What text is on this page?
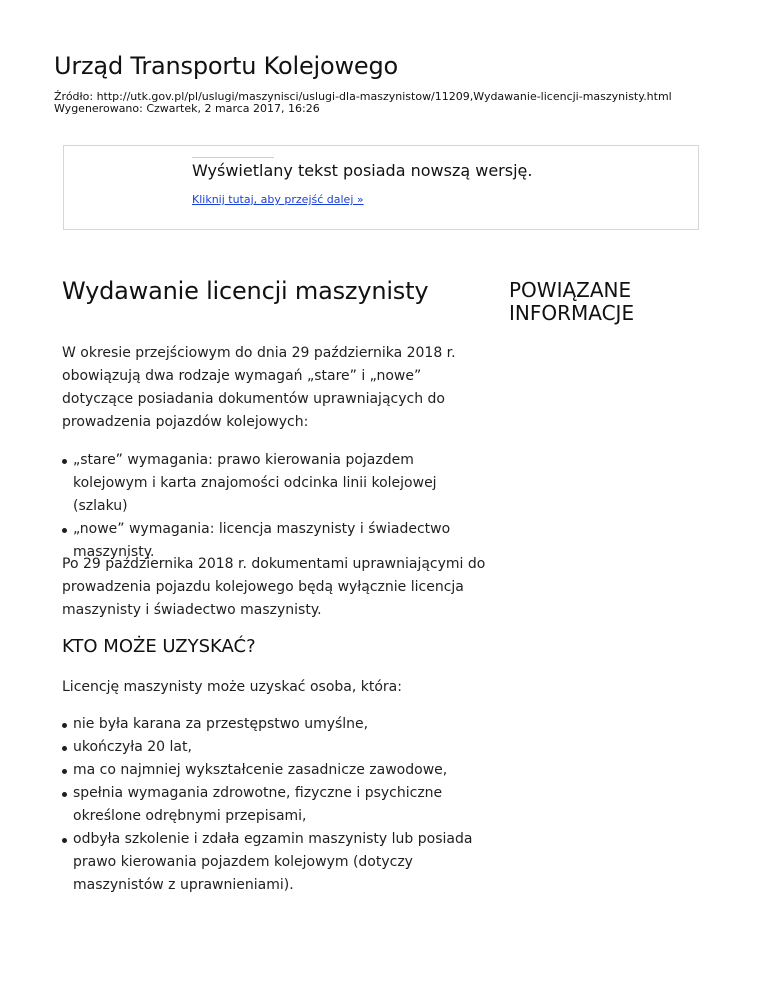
Urząd Transportu Kolejowego
Źródło: http://utk.gov.pl/pl/uslugi/maszynisci/uslugi-dla-maszynistow/11209,Wydawanie-licencji-maszynisty.html
Wygenerowano: Czwartek, 2 marca 2017, 16:26
Wyświetlany tekst posiada nowszą wersję.
Kliknij tutaj, aby przejść dalej »
Wydawanie licencji maszynisty

W okresie przejściowym do dnia 29 października 2018 r. obowiązują dwa rodzaje wymagań „stare” i „nowe” dotyczące posiadania dokumentów uprawniających do prowadzenia pojazdów kolejowych:

„stare” wymagania: prawo kierowania pojazdem kolejowym i karta znajomości odcinka linii kolejowej (szlaku)
„nowe” wymagania: licencja maszynisty i świadectwo maszynisty.

Po 29 października 2018 r. dokumentami uprawniającymi do prowadzenia pojazdu kolejowego będą wyłącznie licencja maszynisty i świadectwo maszynisty.

KTO MOŻE UZYSKAĆ?

Licencję maszynisty może uzyskać osoba, która:

nie była karana za przestępstwo umyślne,
ukończyła 20 lat,
ma co najmniej wykształcenie zasadnicze zawodowe,
spełnia wymagania zdrowotne, fizyczne i psychiczne określone odrębnymi przepisami,
odbyła szkolenie i zdała egzamin maszynisty lub posiada prawo kierowania pojazdem kolejowym (dotyczy maszynistów z uprawnieniami).
POWIĄZANE INFORMACJE
